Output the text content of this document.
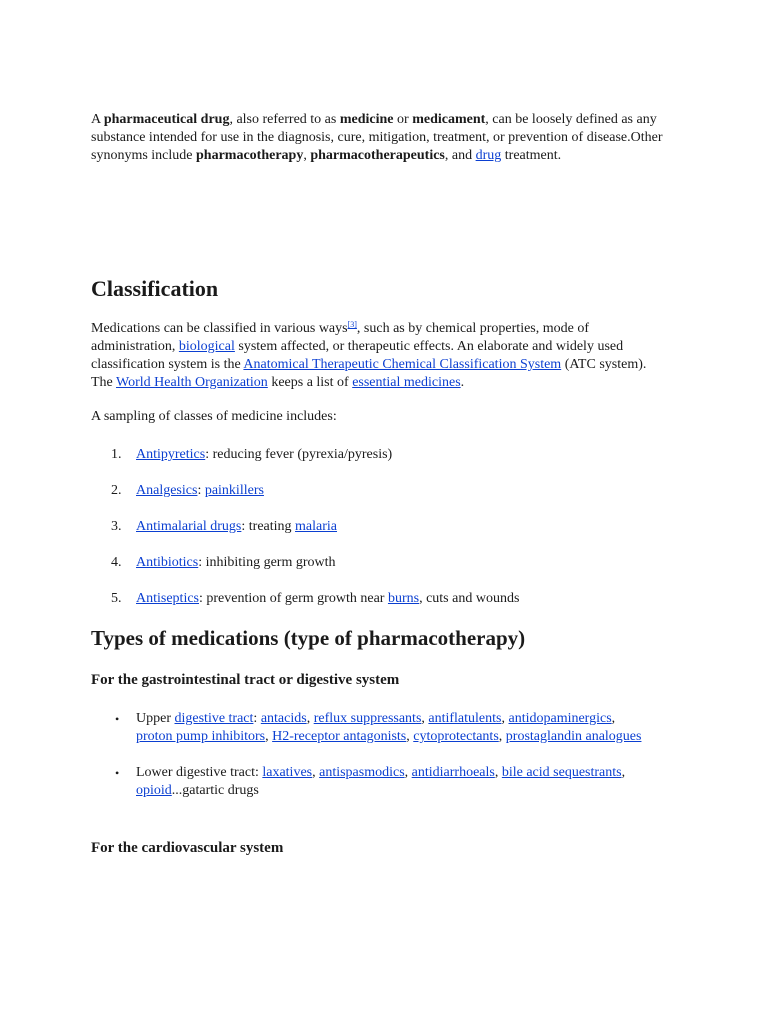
A pharmaceutical drug, also referred to as medicine or medicament, can be loosely defined as any substance intended for use in the diagnosis, cure, mitigation, treatment, or prevention of disease.Other synonyms include pharmacotherapy, pharmacotherapeutics, and drug treatment.

Classification

Medications can be classified in various ways[3], such as by chemical properties, mode of administration, biological system affected, or therapeutic effects. An elaborate and widely used classification system is the Anatomical Therapeutic Chemical Classification System (ATC system). The World Health Organization keeps a list of essential medicines.

A sampling of classes of medicine includes:

1. Antipyretics: reducing fever (pyrexia/pyresis)
2. Analgesics: painkillers
3. Antimalarial drugs: treating malaria
4. Antibiotics: inhibiting germ growth
5. Antiseptics: prevention of germ growth near burns, cuts and wounds
Types of medications (type of pharmacotherapy)
For the gastrointestinal tract or digestive system
• Upper digestive tract: antacids, reflux suppressants, antiflatulents, antidopaminergics, proton pump inhibitors, H2-receptor antagonists, cytoprotectants, prostaglandin analogues
• Lower digestive tract: laxatives, antispasmodics, antidiarrhoeals, bile acid sequestrants, opioid...gatartic drugs
For the cardiovascular system
